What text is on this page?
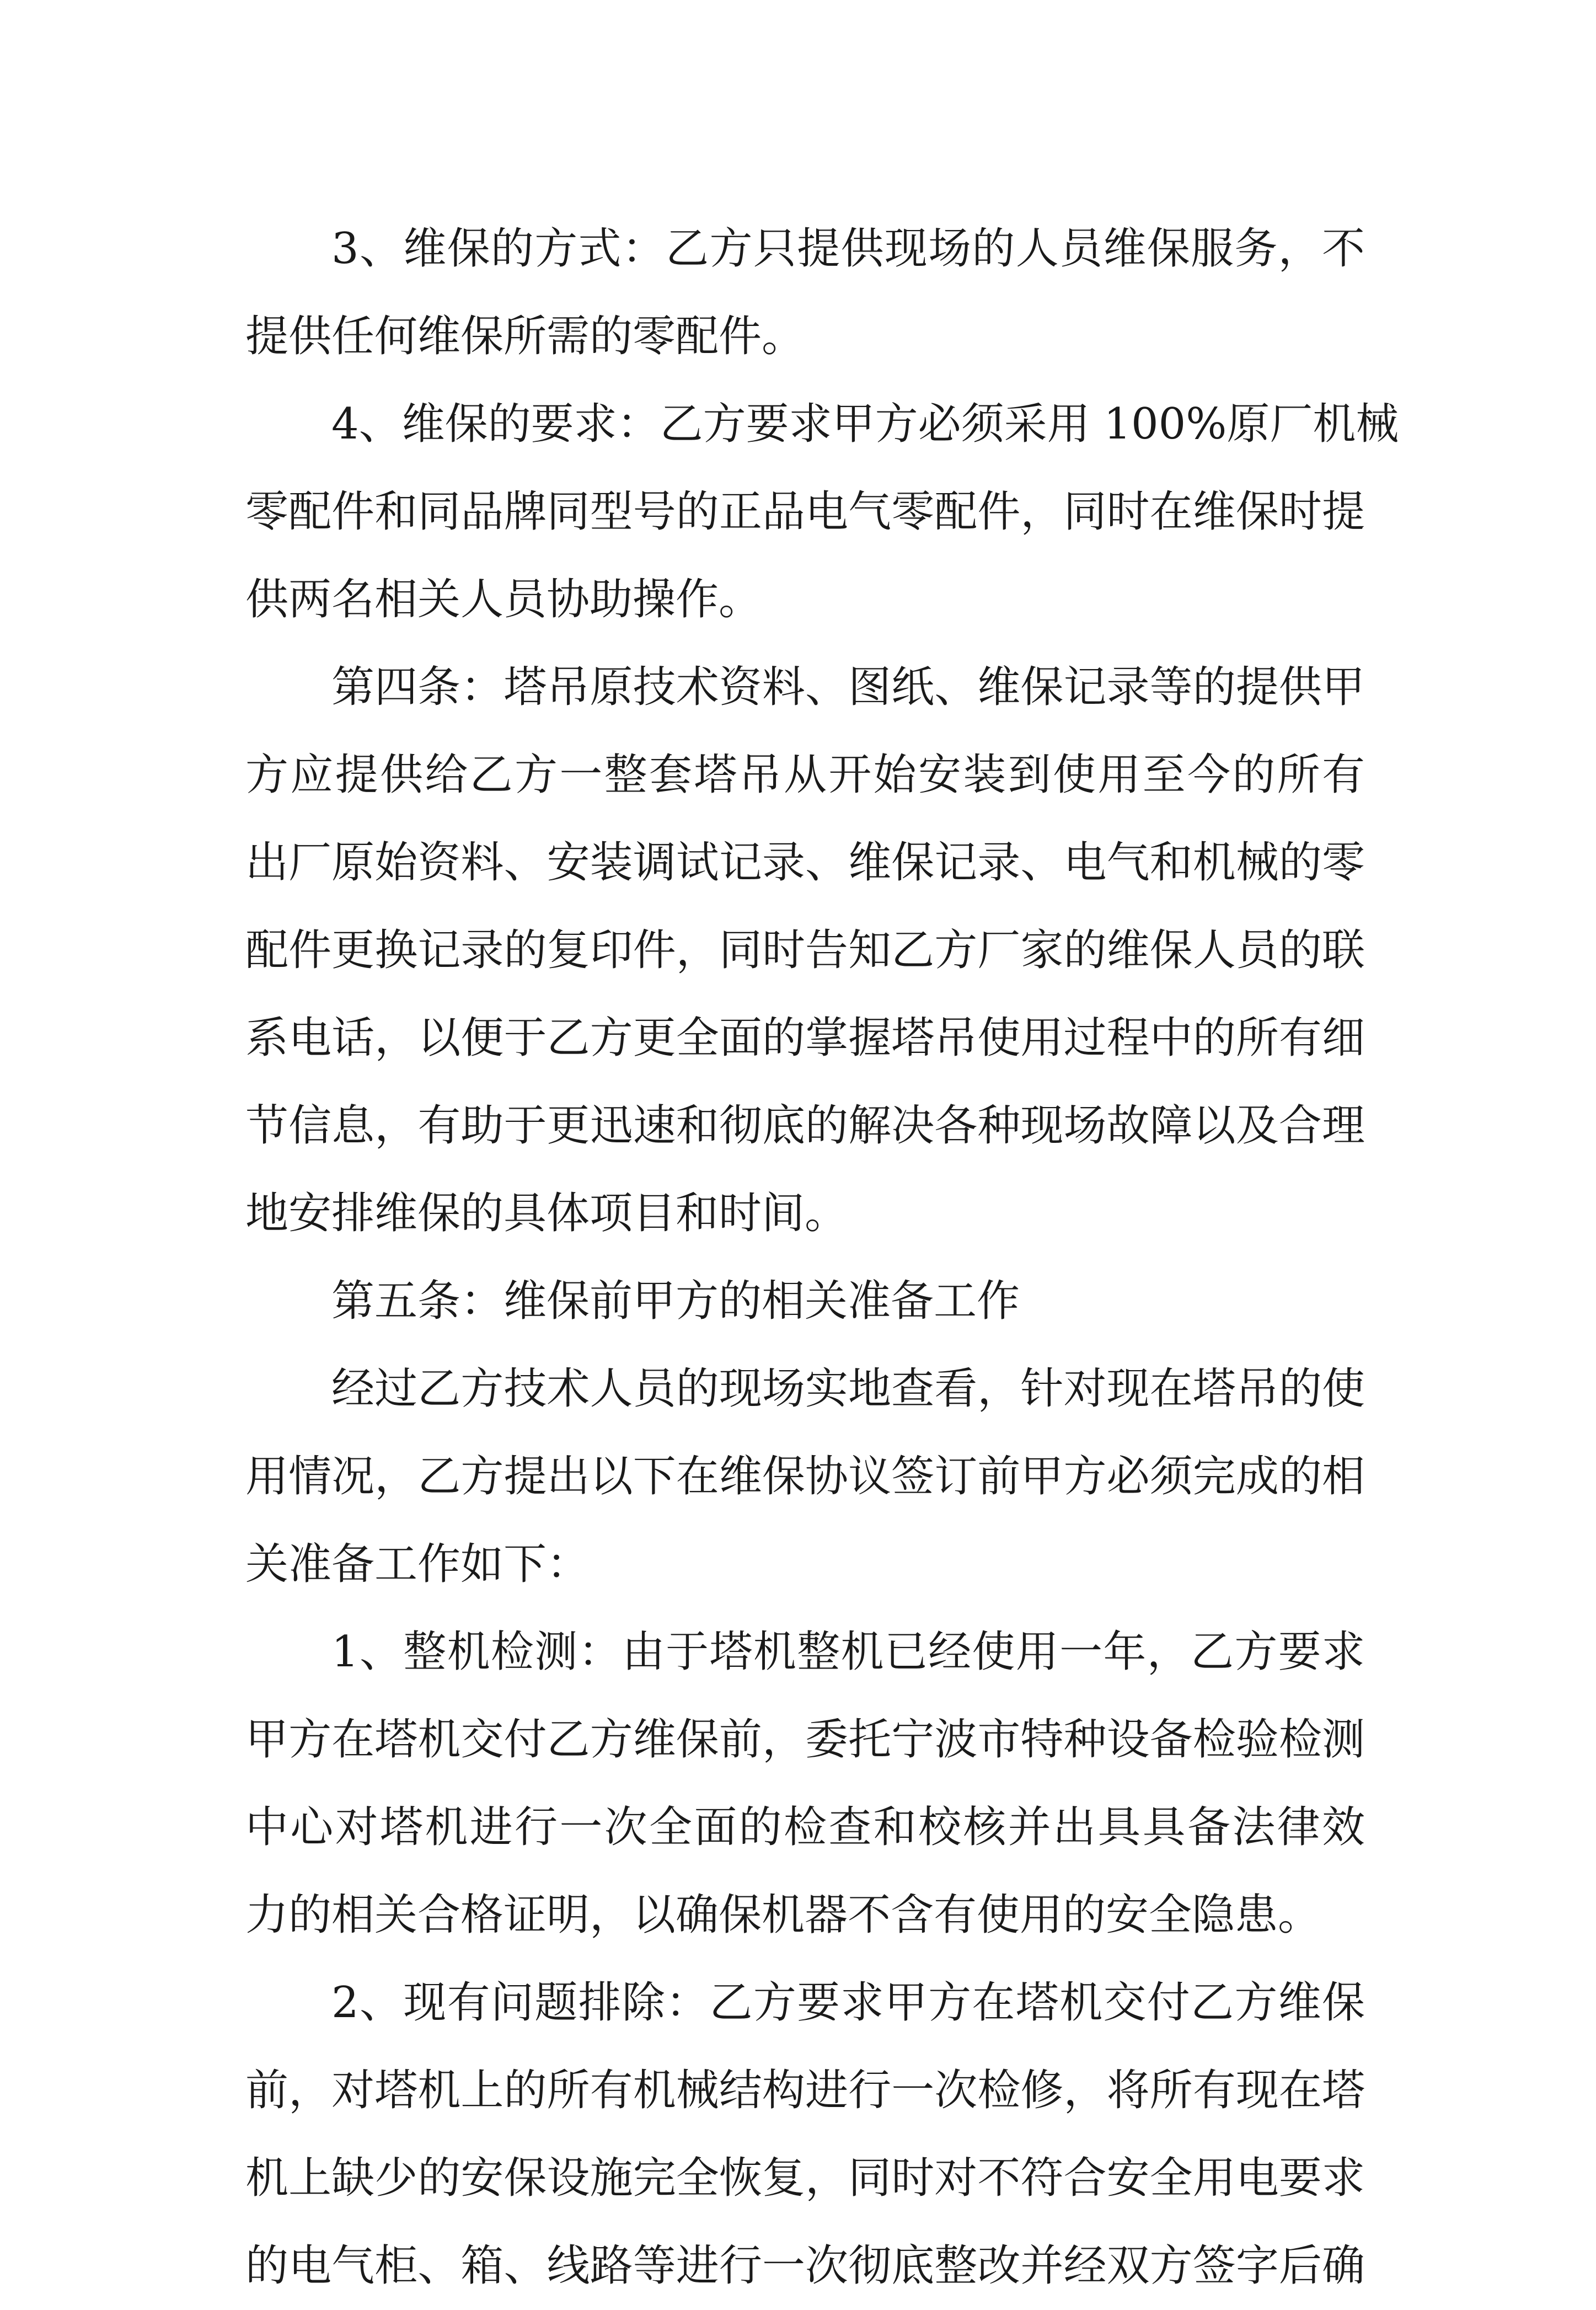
3、维保的方式：乙方只提供现场的人员维保服务，不
提供任何维保所需的零配件。
4、维保的要求：乙方要求甲方必须采用 100%原厂机械
零配件和同品牌同型号的正品电气零配件，同时在维保时提
供两名相关人员协助操作。
第四条：塔吊原技术资料、图纸、维保记录等的提供甲
方应提供给乙方一整套塔吊从开始安装到使用至今的所有
出厂原始资料、安装调试记录、维保记录、电气和机械的零
配件更换记录的复印件，同时告知乙方厂家的维保人员的联
系电话，以便于乙方更全面的掌握塔吊使用过程中的所有细
节信息，有助于更迅速和彻底的解决各种现场故障以及合理
地安排维保的具体项目和时间。
第五条：维保前甲方的相关准备工作
经过乙方技术人员的现场实地查看，针对现在塔吊的使
用情况，乙方提出以下在维保协议签订前甲方必须完成的相
关准备工作如下：
1、整机检测：由于塔机整机已经使用一年，乙方要求
甲方在塔机交付乙方维保前，委托宁波市特种设备检验检测
中心对塔机进行一次全面的检查和校核并出具具备法律效
力的相关合格证明，以确保机器不含有使用的安全隐患。
2、现有问题排除：乙方要求甲方在塔机交付乙方维保
前，对塔机上的所有机械结构进行一次检修，将所有现在塔
机上缺少的安保设施完全恢复，同时对不符合安全用电要求
的电气柜、箱、线路等进行一次彻底整改并经双方签字后确
